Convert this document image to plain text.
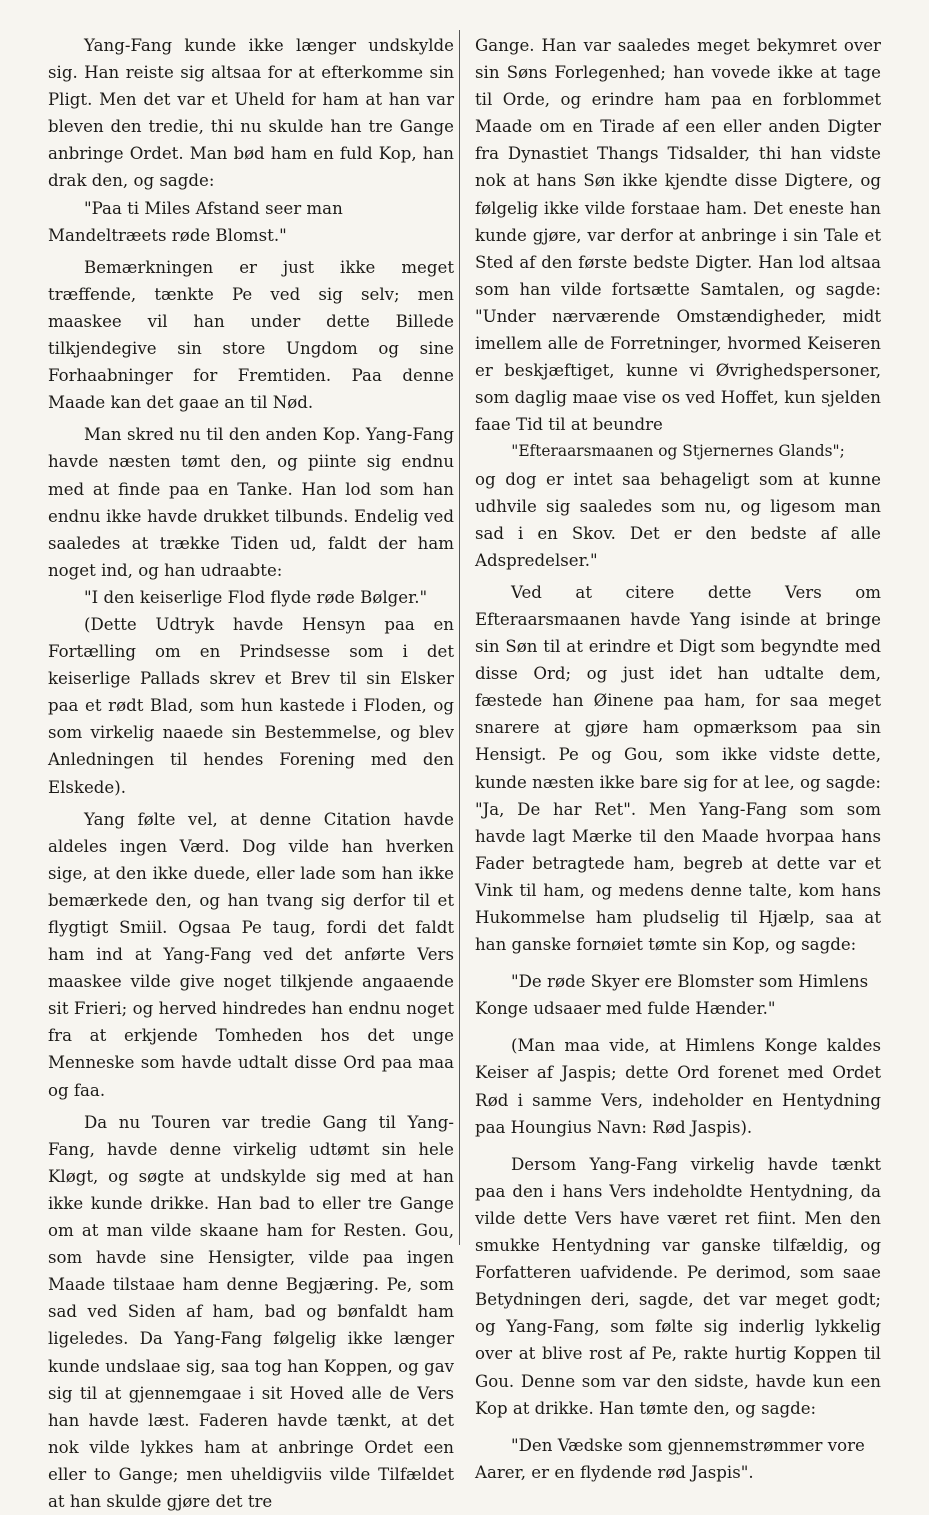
Yang-Fang kunde ikke længer undskylde sig. Han reiste sig altsaa for at efterkomme sin Pligt. Men det var et Uheld for ham at han var bleven den tredie, thi nu skulde han tre Gange anbringe Ordet. Man bød ham en fuld Kop, han drak den, og sagde:

"Paa ti Miles Afstand seer man Mandeltræets røde Blomst."

Bemærkningen er just ikke meget træffende, tænkte Pe ved sig selv; men maaskee vil han under dette Billede tilkjendegive sin store Ungdom og sine Forhaabninger for Fremtiden. Paa denne Maade kan det gaae an til Nød.

Man skred nu til den anden Kop. Yang-Fang havde næsten tømt den, og piinte sig endnu med at finde paa en Tanke. Han lod som han endnu ikke havde drukket tilbunds. Endelig ved saaledes at trække Tiden ud, faldt der ham noget ind, og han udraabte:

"I den keiserlige Flod flyde røde Bølger."

(Dette Udtryk havde Hensyn paa en Fortælling om en Prindsesse som i det keiserlige Pallads skrev et Brev til sin Elsker paa et rødt Blad, som hun kastede i Floden, og som virkelig naaede sin Bestemmelse, og blev Anledningen til hendes Forening med den Elskede).

Yang følte vel, at denne Citation havde aldeles ingen Værd. Dog vilde han hverken sige, at den ikke duede, eller lade som han ikke bemærkede den, og han tvang sig derfor til et flygtigt Smiil. Ogsaa Pe taug, fordi det faldt ham ind at Yang-Fang ved det anførte Vers maaskee vilde give noget tilkjende angaaende sit Frieri; og herved hindredes han endnu noget fra at erkjende Tomheden hos det unge Menneske som havde udtalt disse Ord paa maa og faa.

Da nu Touren var tredie Gang til Yang-Fang, havde denne virkelig udtømt sin hele Kløgt, og søgte at undskylde sig med at han ikke kunde drikke. Han bad to eller tre Gange om at man vilde skaane ham for Resten. Gou, som havde sine Hensigter, vilde paa ingen Maade tilstaae ham denne Begjæring. Pe, som sad ved Siden af ham, bad og bønfaldt ham ligeledes. Da Yang-Fang følgelig ikke længer kunde undslaae sig, saa tog han Koppen, og gav sig til at gjennemgaae i sit Hoved alle de Vers han havde læst. Faderen havde tænkt, at det nok vilde lykkes ham at anbringe Ordet een eller to Gange; men uheldigviis vilde Tilfældet at han skulde gjøre det tre

Gange. Han var saaledes meget bekymret over sin Søns Forlegenhed; han vovede ikke at tage til Orde, og erindre ham paa en forblommet Maade om en Tirade af een eller anden Digter fra Dynastiet Thangs Tidsalder, thi han vidste nok at hans Søn ikke kjendte disse Digtere, og følgelig ikke vilde forstaae ham. Det eneste han kunde gjøre, var derfor at anbringe i sin Tale et Sted af den første bedste Digter. Han lod altsaa som han vilde fortsætte Samtalen, og sagde: "Under nærværende Omstændigheder, midt imellem alle de Forretninger, hvormed Keiseren er beskjæftiget, kunne vi Øvrighedspersoner, som daglig maae vise os ved Hoffet, kun sjelden faae Tid til at beundre

"Efteraarsmaanen og Stjernernes Glands";

og dog er intet saa behageligt som at kunne udhvile sig saaledes som nu, og ligesom man sad i en Skov. Det er den bedste af alle Adspredelser."

Ved at citere dette Vers om Efteraarsmaanen havde Yang isinde at bringe sin Søn til at erindre et Digt som begyndte med disse Ord; og just idet han udtalte dem, fæstede han Øinene paa ham, for saa meget snarere at gjøre ham opmærksom paa sin Hensigt. Pe og Gou, som ikke vidste dette, kunde næsten ikke bare sig for at lee, og sagde: "Ja, De har Ret". Men Yang-Fang som som havde lagt Mærke til den Maade hvorpaa hans Fader betragtede ham, begreb at dette var et Vink til ham, og medens denne talte, kom hans Hukommelse ham pludselig til Hjælp, saa at han ganske fornøiet tømte sin Kop, og sagde:

"De røde Skyer ere Blomster som Himlens Konge udsaaer med fulde Hænder."

(Man maa vide, at Himlens Konge kaldes Keiser af Jaspis; dette Ord forenet med Ordet Rød i samme Vers, indeholder en Hentydning paa Houngius Navn: Rød Jaspis).

Dersom Yang-Fang virkelig havde tænkt paa den i hans Vers indeholdte Hentydning, da vilde dette Vers have været ret fiint. Men den smukke Hentydning var ganske tilfældig, og Forfatteren uafvidende. Pe derimod, som saae Betydningen deri, sagde, det var meget godt; og Yang-Fang, som følte sig inderlig lykkelig over at blive rost af Pe, rakte hurtig Koppen til Gou. Denne som var den sidste, havde kun een Kop at drikke. Han tømte den, og sagde:

"Den Vædske som gjennemstrømmer vore Aarer, er en flydende rød Jaspis".
